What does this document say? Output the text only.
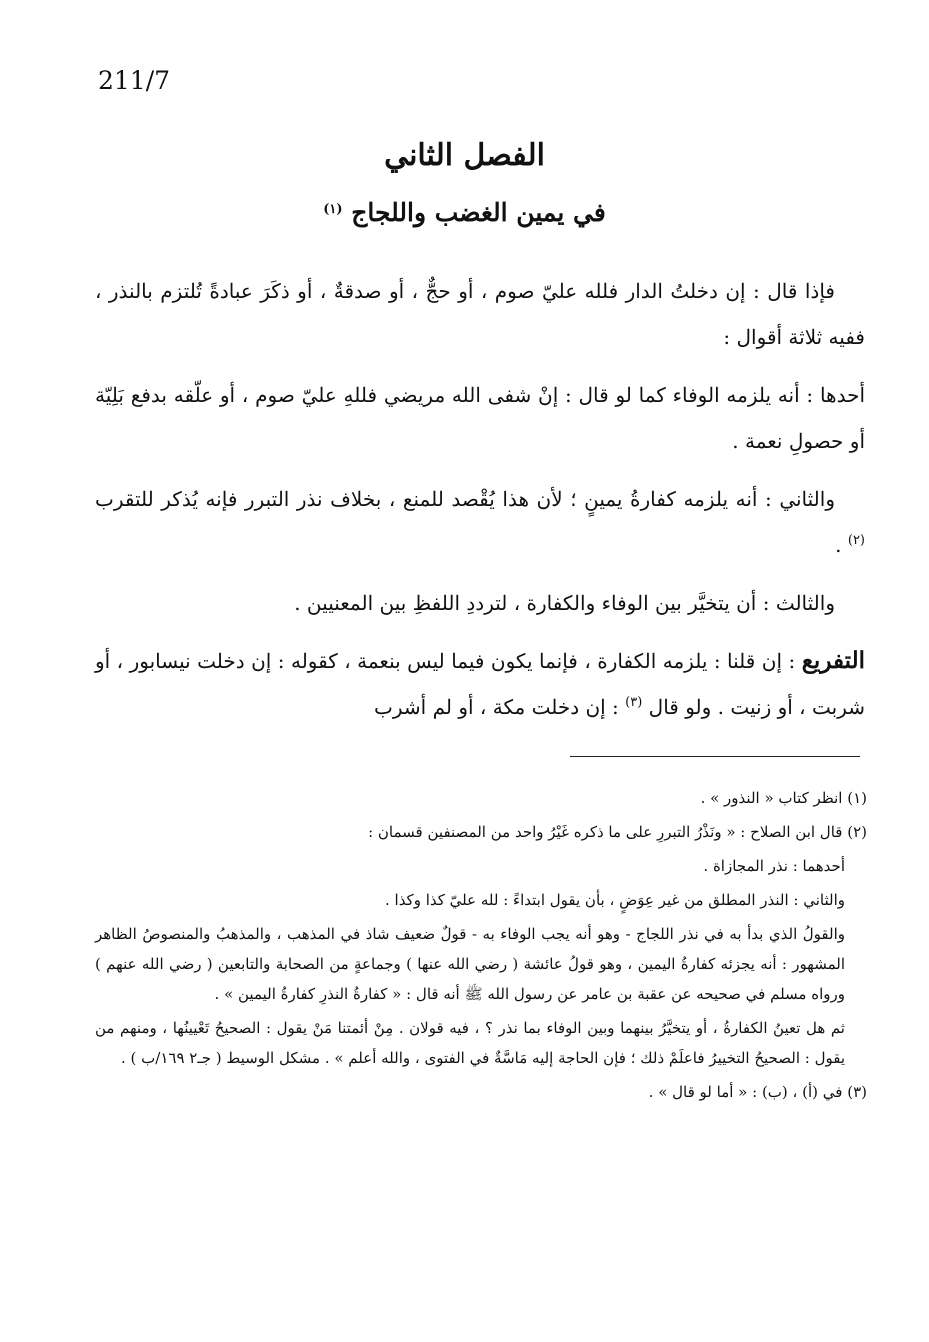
211/7
الفصل الثاني
في يمين الغضب واللجاج $^{(١)}$

فإذا قال : إن دخلتُ الدار فلله عليّ صوم ، أو حجٌّ ، أو صدقةٌ ، أو ذكَرَ عبادةً تُلتزم بالنذر ، ففيه ثلاثة أقوال :

أحدها : أنه يلزمه الوفاء كما لو قال : إنْ شفى الله مريضي فللهِ عليّ صوم ، أو علّقه بدفع بَلِيّة أو حصولِ نعمة .

والثاني : أنه يلزمه كفارةُ يمينٍ ؛ لأن هذا يُقْصد للمنع ، بخلاف نذر التبرر فإنه يُذكر للتقرب $^{(٢)}$ .

والثالث : أن يتخيَّر بين الوفاء والكفارة ، لترددِ اللفظِ بين المعنيين .

التفريع : إن قلنا : يلزمه الكفارة ، فإنما يكون فيما ليس بنعمة ، كقوله : إن دخلت نيسابور ، أو شربت ، أو زنيت . ولو قال $^{(٣)}$ : إن دخلت مكة ، أو لم أشرب

(١) انظر كتاب « النذور » .

(٢) قال ابن الصلاح : « ونَذْرُ التبررِ على ما ذكره غَيْرُ واحد من المصنفين قسمان :

أحدهما : نذر المجازاة .

والثاني : النذر المطلق من غير عِوَضٍ ، بأن يقول ابتداءً : لله عليّ كذا وكذا .

والقولُ الذي بدأ به في نذر اللجاج - وهو أنه يجب الوفاء به - قولٌ ضعيف شاذ في المذهب ، والمذهبُ والمنصوصُ الظاهر المشهور : أنه يجزئه كفارةُ اليمين ، وهو قولُ عائشة ( رضي الله عنها ) وجماعةٍ من الصحابة والتابعين ( رضي الله عنهم ) ورواه مسلم في صحيحه عن عقبة بن عامر عن رسول الله ﷺ أنه قال : « كفارةُ النذرِ كفارةُ اليمين » .

ثم هل تعينُ الكفارةُ ، أو يتخيَّرُ بينهما وبين الوفاء بما نذر ؟ ، فيه قولان . مِنْ أئمتنا مَنْ يقول : الصحيحُ تَعْيينُها ، ومنهم من يقول : الصحيحُ التخييرُ فاعلَمْ ذلك ؛ فإن الحاجة إليه مَاسَّةٌ في الفتوى ، والله أعلم » . مشكل الوسيط ( جـ٢ ١٦٩/ب ) .

(٣) في (أ) ، (ب) : « أما لو قال » .
